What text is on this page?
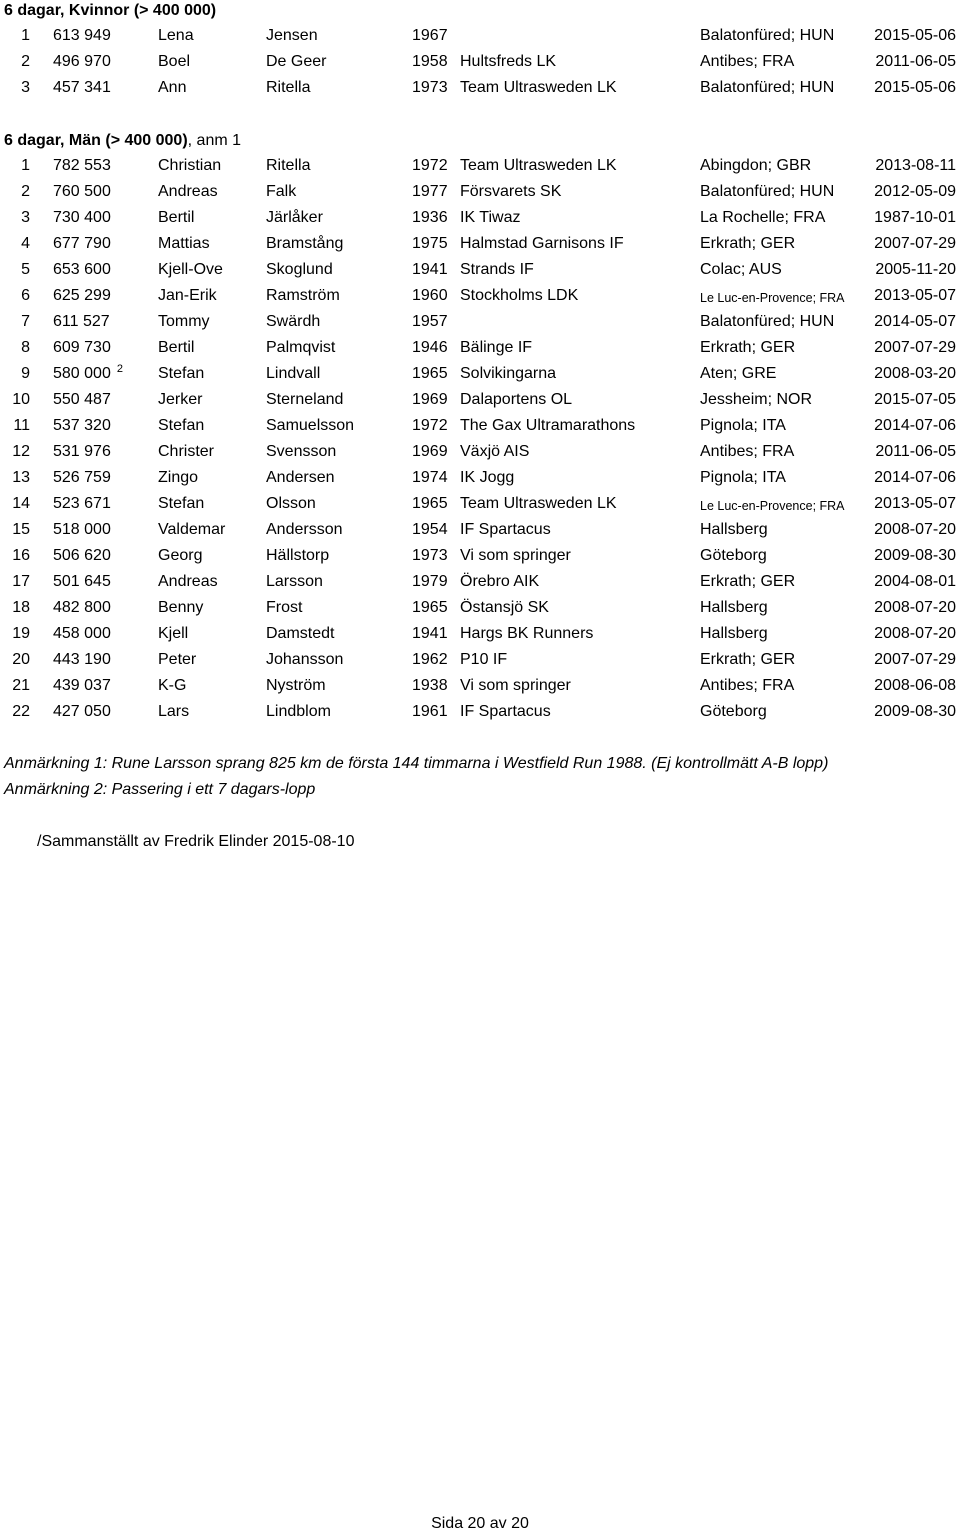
6 dagar, Kvinnor (> 400 000)
1 613 949	Lena	Jensen	1967	Balatonfüred; HUN 2015-05-06
2 496 970	Boel	De Geer	1958 Hultsfreds LK	Antibes; FRA	2011-06-05
3 457 341	Ann	Ritella	1973 Team Ultrasweden LK	Balatonfüred; HUN 2015-05-06
6 dagar, Män (> 400 000), anm 1
1 782 553	Christian	Ritella	1972 Team Ultrasweden LK	Abingdon; GBR	2013-08-11
2 760 500	Andreas	Falk	1977 Försvarets SK	Balatonfüred; HUN 2012-05-09
3 730 400	Bertil	Järlåker	1936 IK Tiwaz	La Rochelle; FRA	1987-10-01
4 677 790	Mattias	Bramstång	1975 Halmstad Garnisons IF	Erkrath; GER	2007-07-29
5 653 600	Kjell-Ove	Skoglund	1941 Strands IF	Colac; AUS	2005-11-20
6 625 299	Jan-Erik	Ramström	1960 Stockholms LDK	Le Luc-en-Provence; FRA 2013-05-07
7 611 527	Tommy	Swärdh	1957	Balatonfüred; HUN 2014-05-07
8 609 730	Bertil	Palmqvist	1946 Bälinge IF	Erkrath; GER	2007-07-29
9 580 000 $^2$ Stefan	Lindvall	1965 Solvikingarna	Aten; GRE	2008-03-20
10 550 487	Jerker	Sterneland	1969 Dalaportens OL	Jessheim; NOR	2015-07-05
11 537 320	Stefan	Samuelsson	1972 The Gax Ultramarathons	Pignola; ITA	2014-07-06
12 531 976	Christer	Svensson	1969 Växjö AIS	Antibes; FRA	2011-06-05
13 526 759	Zingo	Andersen	1974 IK Jogg	Pignola; ITA	2014-07-06
14 523 671	Stefan	Olsson	1965 Team Ultrasweden LK	Le Luc-en-Provence; FRA 2013-05-07
15 518 000	Valdemar	Andersson	1954 IF Spartacus	Hallsberg	2008-07-20
16 506 620	Georg	Hällstorp	1973 Vi som springer	Göteborg	2009-08-30
17 501 645	Andreas	Larsson	1979 Örebro AIK	Erkrath; GER	2004-08-01
18 482 800	Benny	Frost	1965 Östansjö SK	Hallsberg	2008-07-20
19 458 000	Kjell	Damstedt	1941 Hargs BK Runners	Hallsberg	2008-07-20
20 443 190	Peter	Johansson	1962 P10 IF	Erkrath; GER	2007-07-29
21 439 037	K-G	Nyström	1938 Vi som springer	Antibes; FRA	2008-06-08
22 427 050	Lars	Lindblom	1961 IF Spartacus	Göteborg	2009-08-30
Anmärkning 1: Rune Larsson sprang 825 km de första 144 timmarna i Westfield Run 1988. (Ej kontrollmätt A-B lopp)
Anmärkning 2: Passering i ett 7 dagars-lopp
/Sammanställt av Fredrik Elinder 2015-08-10
Sida 20 av 20
